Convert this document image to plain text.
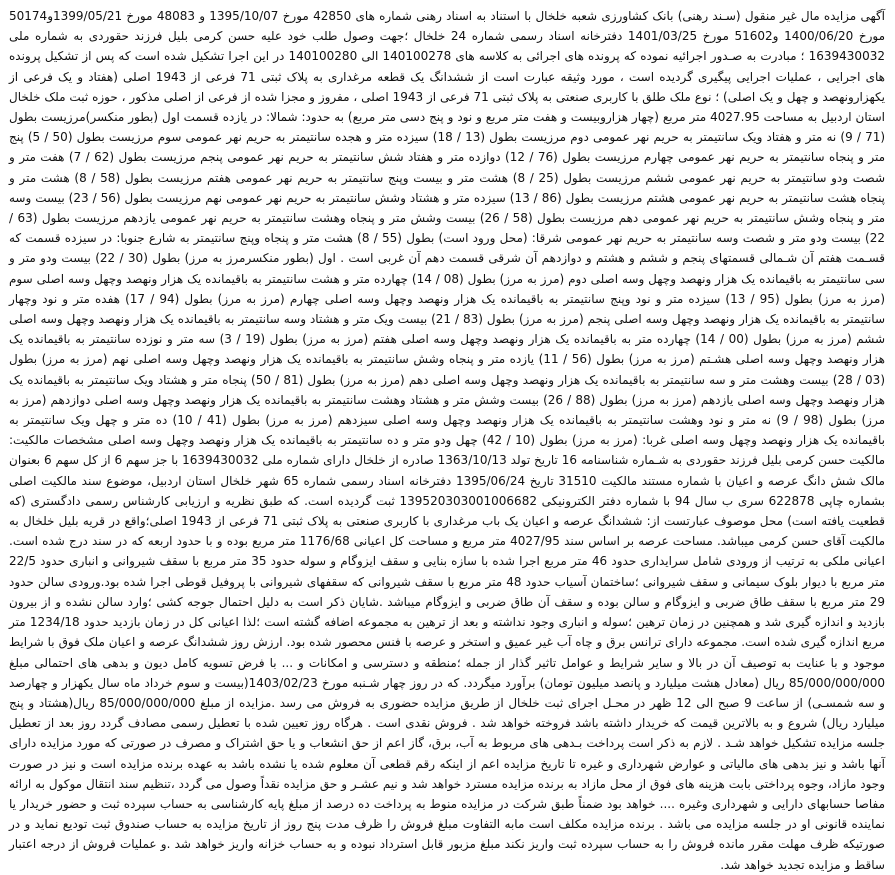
آگهی مزایده مال غیر منقول (سـند رهنی) بانک کشاورزی شعبه خلخال با استناد به اسناد رهنی شماره های 42850 مورخ 1395/10/07 و 48083 مورخ 1399/05/21و50174 مورخ 1400/06/20 و51602 مورخ 1401/03/25 دفترخانه اسناد رسمی شماره 24 خلخال ؛جهت وصول طلب خود علیه حسن کرمی بلیل فرزند حقوردی به شماره ملی 1639430032 ؛ مبادرت به صـدور اجرائیه نموده که پرونده های اجرائی به کلاسه های 140100278 الی 140100280 در این اجرا تشکیل شده است که پس از تشکیل پرونده های اجرایی ، عملیات اجرایی پیگیری گردیده است ، مورد وثیقه عبارت است از ششدانگ یک قطعه مرغداری به پلاک ثبتی 71 فرعی از 1943 اصلی (هفتاد و یک فرعی از یکهزارونهصد و چهل و یک اصلی) ؛ نوع ملک طلق با کاربری صنعتی به پلاک ثبتی 71 فرعی از 1943 اصلی ، مفروز و مجزا شده از فرعی از اصلی مذکور ، حوزه ثبت ملک خلخال استان اردبیل به مساحت 4027.95 متر مربع (چهار هزاروبیست و هفت متر مربع و نود و پنج دسی متر مربع) به حدود: شمالا: در یازده قسمت اول (بطور منکسر)مرزیست بطول (71 / 9) نه متر و هفتاد ویک سانتیمتر به حریم نهر عمومی دوم مرزیست بطول (13 / 18) سیزده متر و هجده سانتیمتر به حریم نهر عمومی سوم مرزیست بطول (50 / 5) پنج متر و پنجاه سانتیمتر به حریم نهر عمومی چهارم مرزیست بطول (76 / 12) دوازده متر و هفتاد شش سانتیمتر به حریم نهر عمومی پنجم مرزیست بطول (62 / 7) هفت متر و شصت ودو سانتیمتر به حریم نهر عمومی ششم مرزیست بطول (25 / 8) هشت متر و بیست وپنج سانتیمتر به حریم نهر عمومی هفتم مرزیست بطول (58 / 8) هشت متر و پنجاه هشت سانتیمتر به حریم نهر عمومی هشتم مرزیست بطول (86 / 13) سیزده متر و هشتاد وشش سانتیمتر به حریم نهر عمومی نهم مرزیست بطول (56 / 23) بیست وسه متر و پنجاه وشش سانتیمتر به حریم نهر عمومی دهم مرزیست بطول (58 / 26) بیست وشش متر و پنجاه وهشت سانتیمتر به حریم نهر عمومی یازدهم مرزیست بطول (63 / 22) بیست ودو متر و شصت وسه سانتیمتر به حریم نهر عمومی شرقا: (محل ورود است) بطول (55 / 8) هشت متر و پنجاه وپنج سانتیمتر به شارع جنوبا: در سیزده قسمت که قسـمت هفتم آن شـمالی قسمتهای پنجم و ششم و هشتم و دوازدهم آن شرقی قسمت دهم آن غربی است . اول (بطور منکسرمرز به مرز) بطول (30 / 22) بیست ودو متر و سی سانتیمتر به باقیمانده یک هزار ونهصد وچهل وسه اصلی دوم (مرز به مرز) بطول (08 / 14) چهارده متر و هشت سانتیمتر به باقیمانده یک هزار ونهصد وچهل وسه اصلی سوم (مرز به مرز) بطول (95 / 13) سیزده متر و نود وپنج سانتیمتر به باقیمانده یک هزار ونهصد وچهل وسه اصلی چهارم (مرز به مرز) بطول (94 / 17) هفده متر و نود وچهار سانتیمتر به باقیمانده یک هزار ونهصد وچهل وسه اصلی پنجم (مرز به مرز) بطول (83 / 21) بیست ویک متر و هشتاد وسه سانتیمتر به باقیمانده یک هزار ونهصد وچهل وسه اصلی ششم (مرز به مرز) بطول (00 / 14) چهارده متر به باقیمانده یک هزار ونهصد وچهل وسه اصلی هفتم (مرز به مرز) بطول (19 / 3) سه متر و نوزده سانتیمتر به باقیمانده یک هزار ونهصد وچهل وسه اصلی هشـتم (مرز به مرز) بطول (56 / 11) یازده متر و پنجاه وشش سانتیمتر به باقیمانده یک هزار ونهصد وچهل وسه اصلی نهم (مرز به مرز) بطول (03 / 28) بیست وهشت متر و سه سانتیمتر به باقیمانده یک هزار ونهصد وچهل وسه اصلی دهم (مرز به مرز) بطول (81 / 50) پنجاه متر و هشتاد ویک سانتیمتر به باقیمانده یک هزار ونهصد وچهل وسه اصلی یازدهم (مرز به مرز) بطول (88 / 26) بیست وشش متر و هشتاد وهشت سانتیمتر به باقیمانده یک هزار ونهصد وچهل وسه اصلی دوازدهم (مرز به مرز) بطول (98 / 9) نه متر و نود وهشت سانتیمتر به باقیمانده یک هزار ونهصد وچهل وسه اصلی سیزدهم (مرز به مرز) بطول (41 / 10) ده متر و چهل ویک سانتیمتر به باقیمانده یک هزار ونهصد وچهل وسه اصلی غربا: (مرز به مرز) بطول (10 / 42) چهل ودو متر و ده سانتیمتر به باقیمانده یک هزار ونهصد وچهل وسه اصلی مشخصات مالکیت: مالکیت حسن کرمی بلیل فرزند حقوردی به شـماره شناسنامه 16 تاریخ تولد 1363/10/13 صادره از خلخال دارای شماره ملی 1639430032 با جز سهم 6 از کل سهم 6 بعنوان مالک شش دانگ عرصه و اعیان با شماره مستند مالکیت 31510 تاریخ 1395/06/24 دفترخانه اسناد رسمی شماره 65 شهر خلخال استان اردبیل، موضوع سند مالکیت اصلی بشماره چاپی 622878 سری ب سال 94 با شماره دفتر الکترونیکی 139520303001006682 ثبت گردیده است. که طبق نظریه و ارزیابی کارشناس رسمی دادگستری (که قطعیت یافته است) محل موصوف عبارتست از: ششدانگ عرصه و اعیان یک باب مرغداری با کاربری صنعتی به پلاک ثبتی 71 فرعی از 1943 اصلی؛واقع در قریه بلیل خلخال به مالکیت آقای حسن کرمی میباشد. مساحت عرصه بر اساس سند 4027/95 متر مربع و مساحت کل اعیانی 1176/68 متر مربع بوده و با حدود اربعه که در سند درج شده است. اعیانی ملکی به ترتیب از ورودی شامل سرایداری حدود 46 متر مربع اجرا شده با سازه بنایی و سقف ایزوگام و سوله حدود 35 متر مربع با سقف شیروانی و انباری حدود 22/5 متر مربع با دیوار بلوک سیمانی و سقف شیروانی ؛ساختمان آسیاب حدود 48 متر مربع با سقف شیروانی که سقفهای شیروانی با پروفیل قوطی اجرا شده بود.ورودی سالن حدود 29 متر مربع با سقف طاق ضربی و ایزوگام و سالن بوده و سقف آن طاق ضربی و ایزوگام میباشد .شایان ذکر است به دلیل احتمال جوجه کشی ؛وارد سالن نشده و از بیرون بازدید و اندازه گیری شد و همچنین در زمان ترهین ؛سوله و انباری وجود نداشته و بعد از ترهین به مجموعه اضافه گشته است ؛لذا اعیانی کل در زمان بازدید حدود 1234/18 متر مربع اندازه گیری شده است. مجموعه دارای ترانس برق و چاه آب غیر عمیق و استخر و عرصه با فنس محصور شده بود. ارزش روز ششدانگ عرصه و اعیان ملک فوق با شرایط موجود و با عنایت به توصیف آن در بالا و سایر شرایط و عوامل تاثیر گذار از جمله ؛منطقه و دسترسی و امکانات و ... با فرض تسویه کامل دیون و بدهی های احتمالی مبلغ 85/000/000/000 ریال (معادل هشت میلیارد و پانصد میلیون تومان) برآورد میگردد. که در روز چهار شـنبه مورخ 1403/02/23(بیست و سوم خرداد ماه سال یکهزار و چهارصد و سه شمسـی) از ساعت 9 صبح الی 12 ظهر در محـل اجرای ثبت خلخال از طریق مزایده حضوری به فروش می رسد .مزایده از مبلغ 85/000/000/000 ریال(هشتاد و پنج میلیارد ریال) شروع و به بالاترین قیمت که خریدار داشته باشد فروخته خواهد شد . فروش نقدی است . هرگاه روز تعیین شده با تعطیل رسمی مصادف گردد روز بعد از تعطیل جلسه مزایده تشکیل خواهد شـد . لازم به ذکر است پرداخت بـدهی های مربوط به آب، برق، گاز اعم از حق انشعاب و یا حق اشتراک و مصرف در صورتی که مورد مزایده دارای آنها باشد و نیز بدهی های مالیاتی و عوارض شهرداری و غیره تا تاریخ مزایده اعم از اینکه رقم قطعی آن معلوم شده یا نشده باشد به عهده برنده مزایده است و نیز در صورت وجود مازاد، وجوه پرداختی بابت هزینه های فوق از محل مازاد به برنده مزایده مسترد خواهد شد و نیم عشـر و حق مزایده نقداً وصول می گردد ،تنظیم سند انتقال موکول به ارائه مفاصا حسابهای دارایی و شهرداری وغیره .... خواهد بود ضمناً طبق شرکت در مزایده منوط به پرداخت ده درصد از مبلغ پایه کارشناسی به حساب سپرده ثبت و حضور خریدار یا نماینده قانونی او در جلسه مزایده می باشد . برنده مزایده مکلف است مابه التفاوت مبلغ فروش را ظرف مدت پنج روز از تاریخ مزایده به حساب صندوق ثبت تودیع نماید و در صورتیکه ظرف مهلت مقرر مانده فروش را به حساب سپرده ثبت واریز نکند مبلغ مزبور قابل استرداد نبوده و به حساب خزانه واریز خواهد شد .و عملیات فروش از درجه اعتبار ساقط و مزایده تجدید خواهد شد.
